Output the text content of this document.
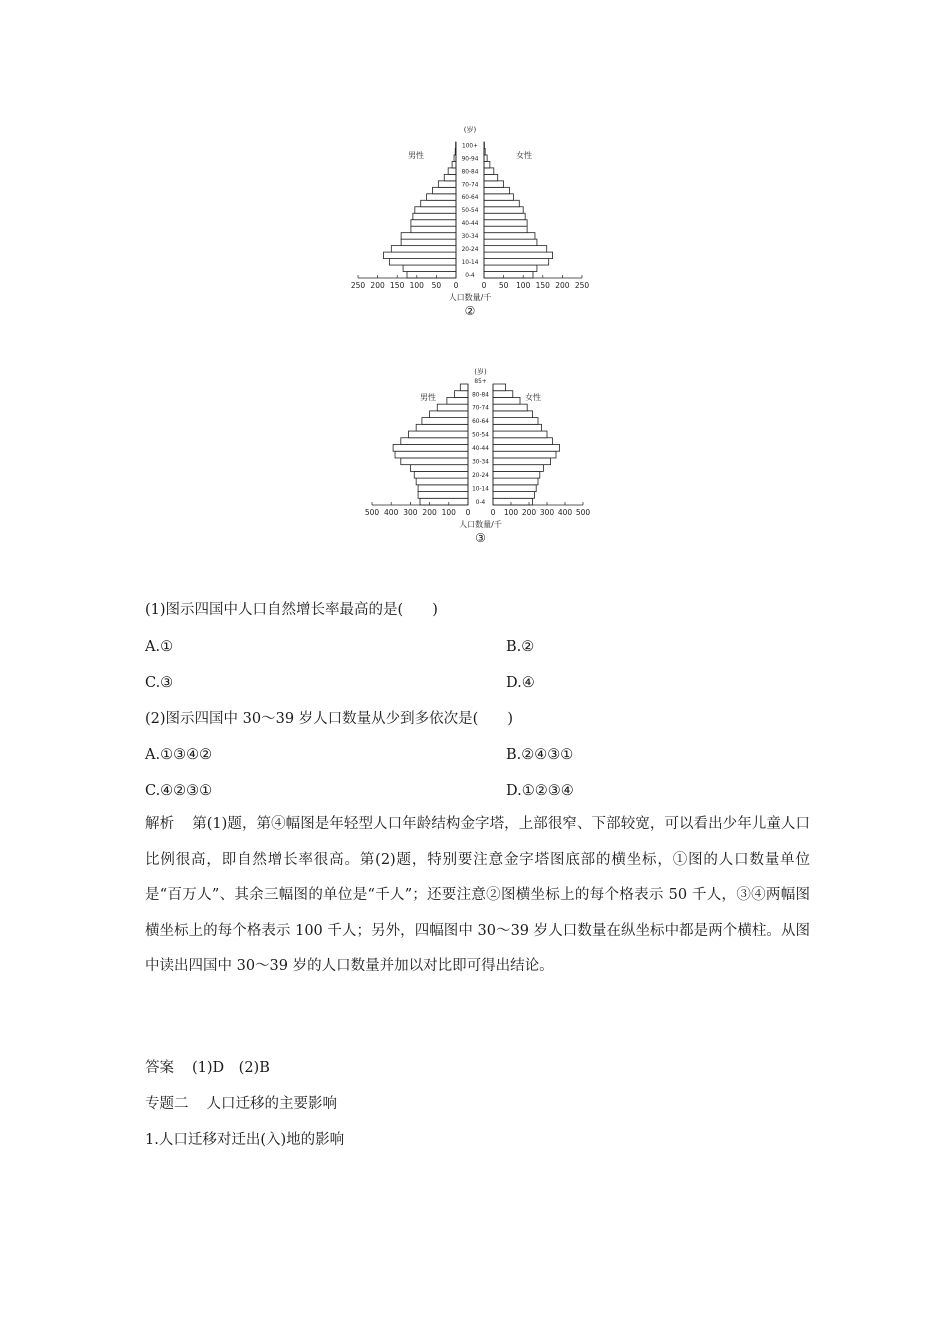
(岁)
男性	女性
0-4
10-14
20-24
30-34
40-44
50-54
60-64
70-74
80-84
90-94
100+
250	0
200	50
150	100
100	150
50	200
0	250
人口数量/千
②
(岁)
男性	女性
0-4
10-14
20-24
30-34
40-44
50-54
60-64
70-74
80-84
85+
500	0
400	100
300	200
200	300
100	400
0	500
人口数量/千
③
(1)图示四国中人口自然增长率最高的是(　　)
A.①	B.②
C.③	D.④
(2)图示四国中 30～39 岁人口数量从少到多依次是(　　)
A.①③④②	B.②④③①
C.④②③①	D.①②③④
解析 第(1)题，第④幅图是年轻型人口年龄结构金字塔，上部很窄、下部较宽，可以看出少年儿童人口比例很高，即自然增长率很高。第(2)题，特别要注意金字塔图底部的横坐标，①图的人口数量单位是“百万人”、其余三幅图的单位是“千人”；还要注意②图横坐标上的每个格表示 50 千人，③④两幅图横坐标上的每个格表示 100 千人；另外，四幅图中 30～39 岁人口数量在纵坐标中都是两个横柱。从图中读出四国中 30～39 岁的人口数量并加以对比即可得出结论。
答案 (1)D　(2)B
专题二 人口迁移的主要影响
1.人口迁移对迁出(入)地的影响
